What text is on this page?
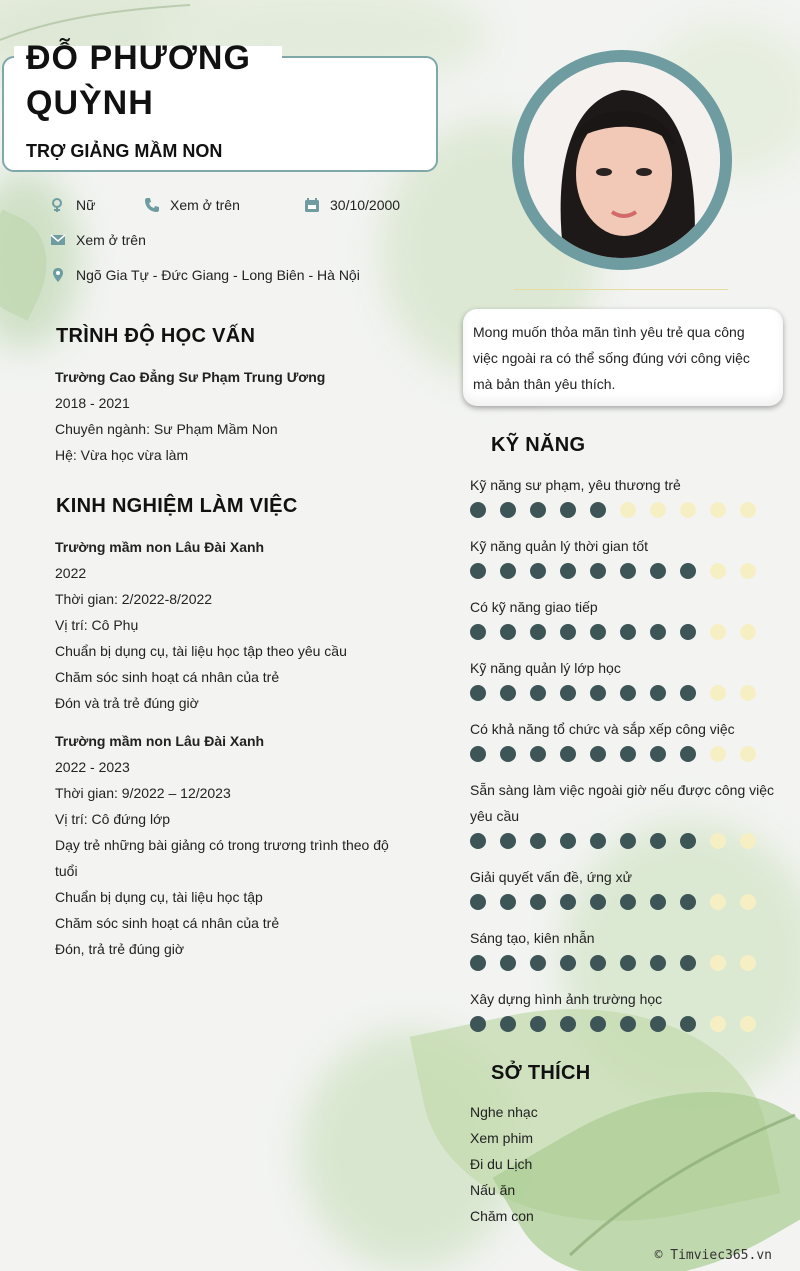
ĐỖ PHƯƠNG QUỲNH
TRỢ GIẢNG MẦM NON
Nữ	Xem ở trên	30/10/2000
Xem ở trên
Ngõ Gia Tự - Đức Giang - Long Biên - Hà Nội
TRÌNH ĐỘ HỌC VẤN
Trường Cao Đẳng Sư Phạm Trung Ương
2018 - 2021
Chuyên ngành: Sư Phạm Mầm Non
Hệ: Vừa học vừa làm
KINH NGHIỆM LÀM VIỆC
Trường mầm non Lâu Đài Xanh
2022
Thời gian: 2/2022-8/2022
Vị trí: Cô Phụ
Chuẩn bị dụng cụ, tài liệu học tập theo yêu cầu
Chăm sóc sinh hoạt cá nhân của trẻ
Đón và trả trẻ đúng giờ
Trường mầm non Lâu Đài Xanh
2022 - 2023
Thời gian: 9/2022 – 12/2023
Vị trí: Cô đứng lớp
Dạy trẻ những bài giảng có trong trương trình theo độ tuổi
Chuẩn bị dụng cụ, tài liệu học tập
Chăm sóc sinh hoạt cá nhân của trẻ
Đón, trả trẻ đúng giờ
Mong muốn thỏa mãn tình yêu trẻ qua công việc ngoài ra có thể sống đúng với công việc mà bản thân yêu thích.
KỸ NĂNG
Kỹ năng sư phạm, yêu thương trẻ
Kỹ năng quản lý thời gian tốt
Có kỹ năng giao tiếp
Kỹ năng quản lý lớp học
Có khả năng tổ chức và sắp xếp công việc
Sẵn sàng làm việc ngoài giờ nếu được công việc yêu cầu
Giải quyết vấn đề, ứng xử
Sáng tạo, kiên nhẫn
Xây dựng hình ảnh trường học
SỞ THÍCH
Nghe nhạc
Xem phim
Đi du Lịch
Nấu ăn
Chăm con
© Timviec365.vn
